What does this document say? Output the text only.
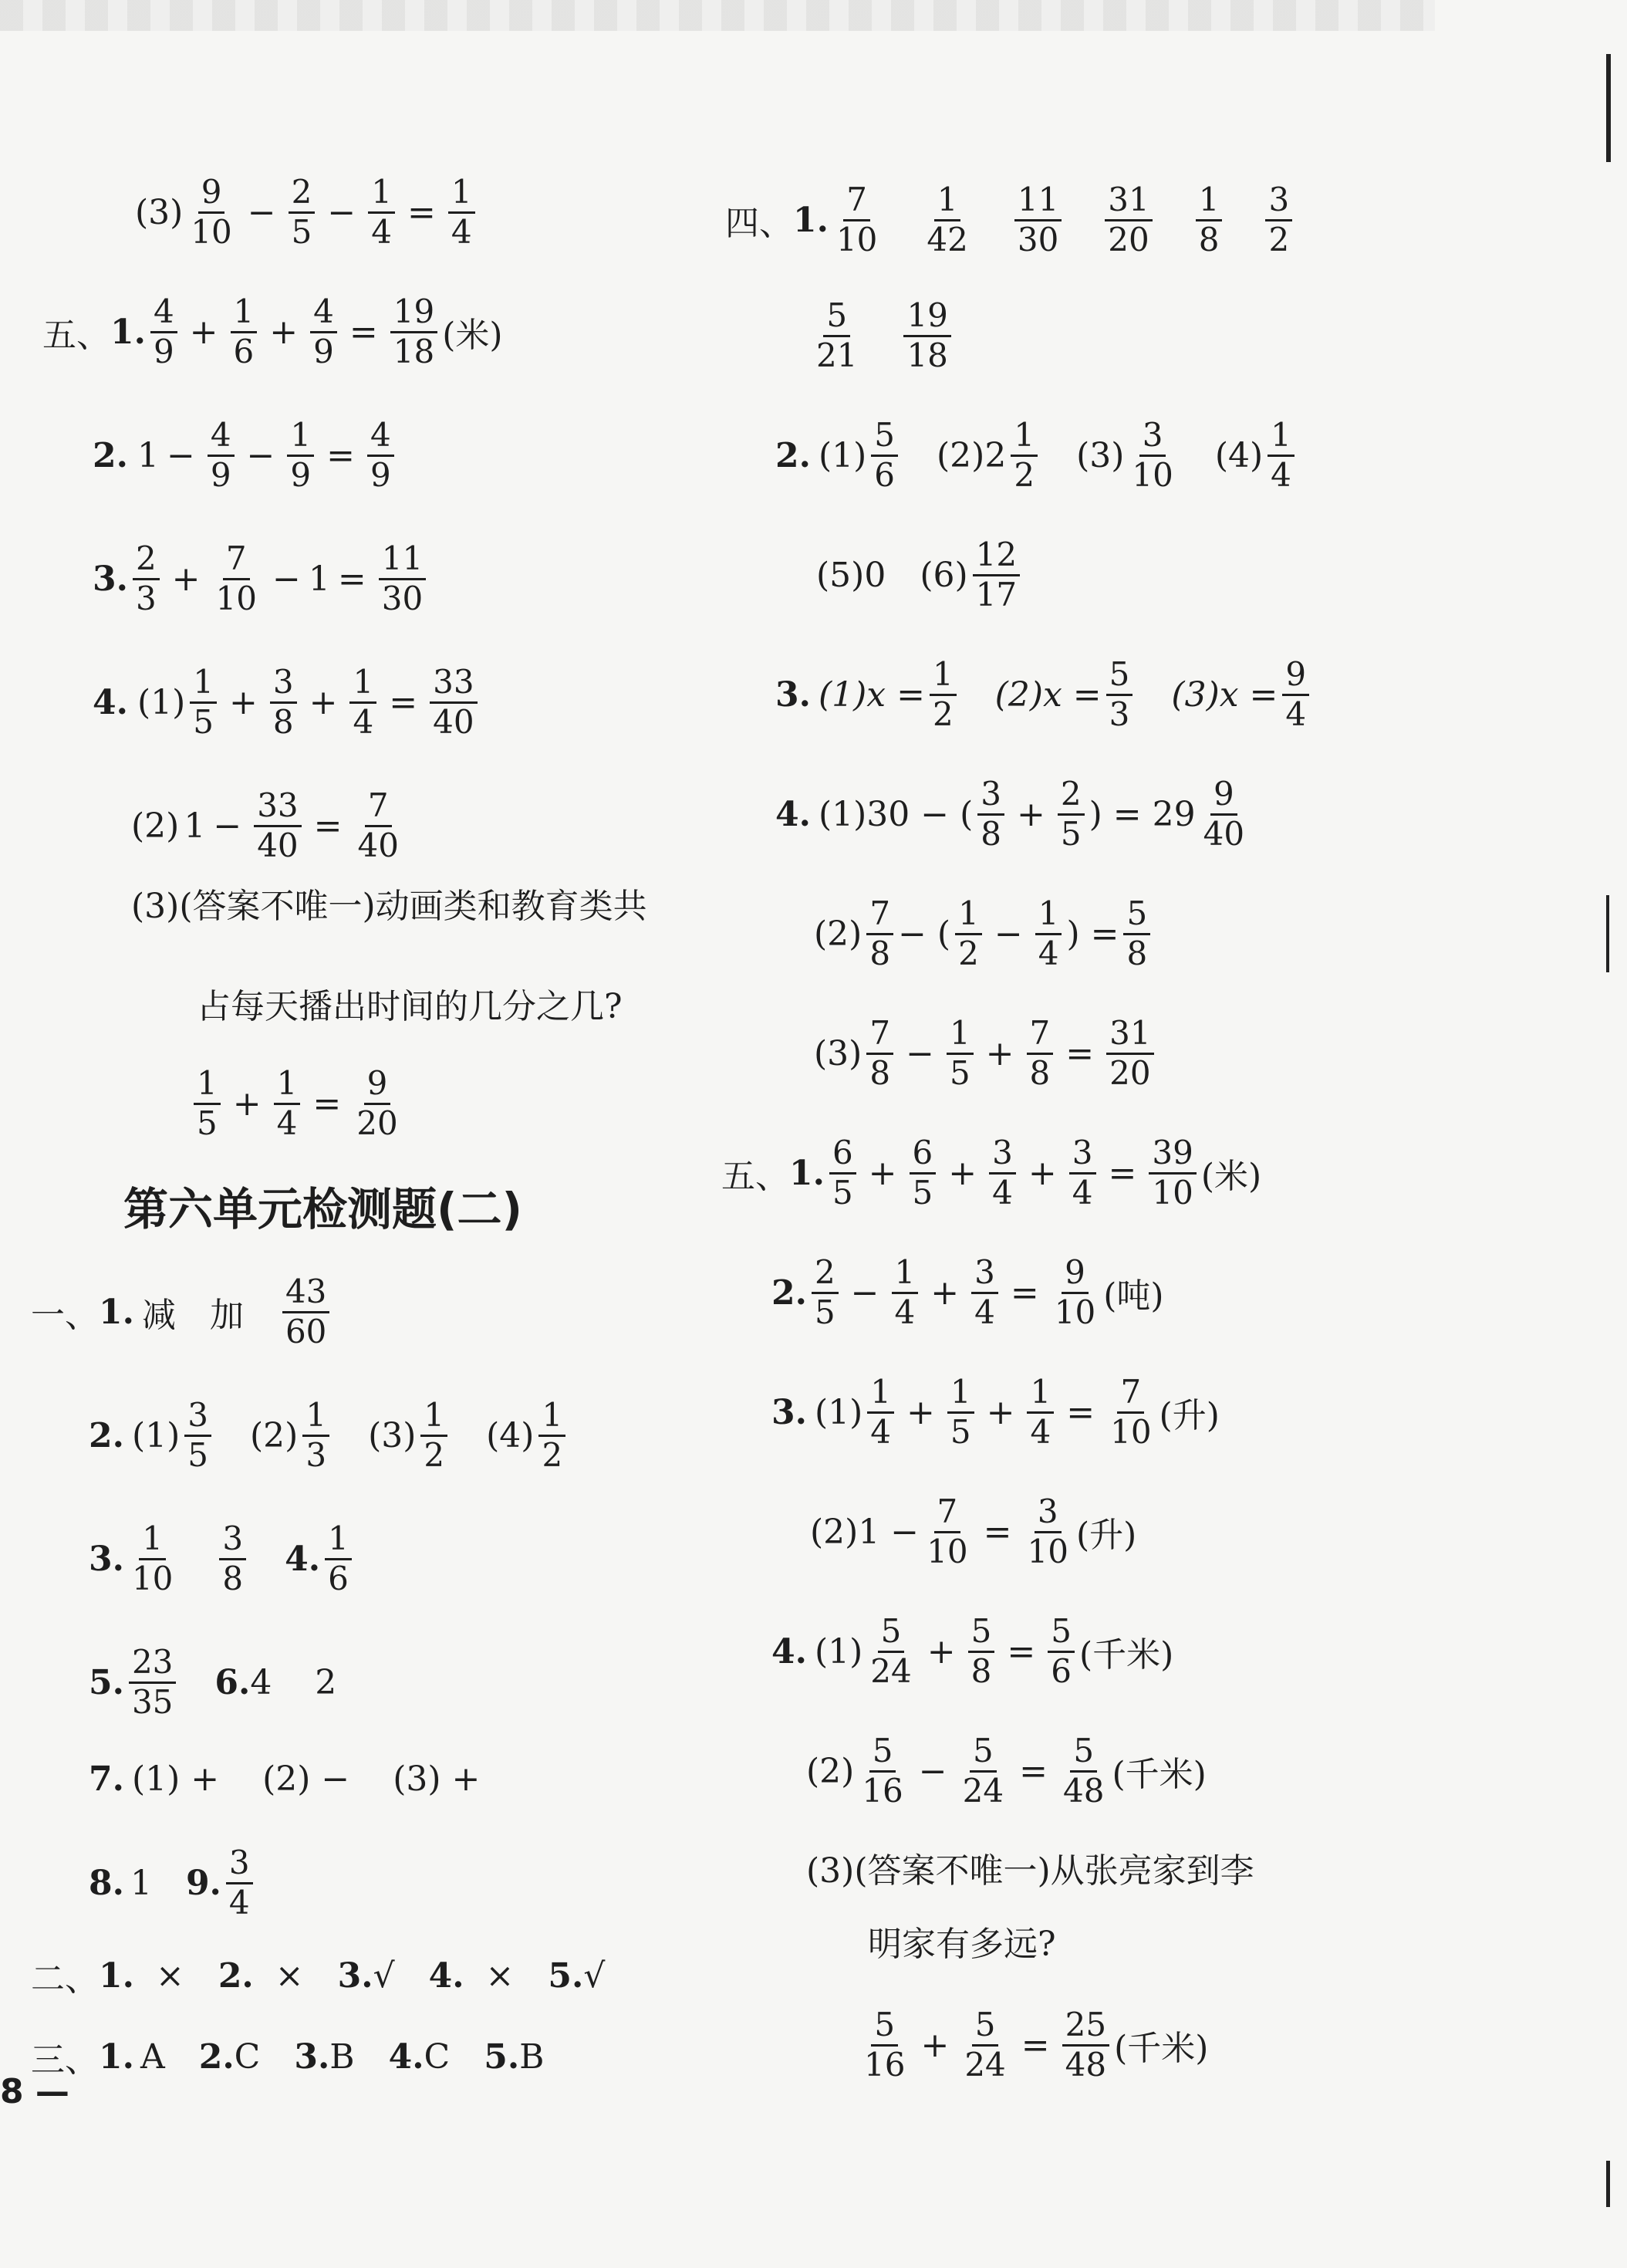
(3)
9
$10 - \frac{2}{5} - \frac{1}{4} = \frac{1}{4}$
五、 1.
4
$9 + \frac{1}{6} + \frac{4}{9} = \frac{19}{18}$ (米)
2. $1 - \frac{4}{9} - \frac{1}{9} = \frac{4}{9}$
3.
2
$3 + \frac{7}{10} - 1 = \frac{11}{30}$
4. (1)
1
$5 + \frac{3}{8} + \frac{1}{4} = \frac{33}{40}$
(2) $1 - \frac{33}{40} = \frac{7}{40}$
(3)(答案不唯一)动画类和教育类共
占每天播出时间的几分之几?
1
$5 + \frac{1}{4} = \frac{9}{20}$
第六单元检测题(二)
一、 1. 减 加
43
60
2. (1)
3
5 (2)
1
3 (3)
1
2 (4)
1
2
3.
1
10
3
8 4.
1
6
5.
23
35 6. 4    2
7. (1) +    (2) −    (3) +
8. 1 9.
3
4
二、 1. × 2. × 3. √ 4. × 5. √
三、 1. A 2. C 3. B 4. C 5. B
8 —
四、 1.
7
10
1
42
11
30
31
20
1
8
3
2
5
21
19
18
2. (1)
5
6 (2)2
1
2 (3)
3
10 (4)
1
4
(5)0 (6)
12
17
3. $(1)x = \frac{1}{2} (2)x = \frac{5}{3} (3)x = \frac{9}{4}$
4. (1)30 − (
3
$8 + \frac{2}{5}$ ) = 29
9
40
(2)
7
8 − (
1
$2 - \frac{1}{4}$ ) = $\frac{5}{8}$
(3)
7
$8 - \frac{1}{5} + \frac{7}{8} = \frac{31}{20}$
五、 1.
6
$5 + \frac{6}{5} + \frac{3}{4} + \frac{3}{4} = \frac{39}{10}$ (米)
2.
2
$5 - \frac{1}{4} + \frac{3}{4} = \frac{9}{10}$ (吨)
3. (1)
1
$4 + \frac{1}{5} + \frac{1}{4} = \frac{7}{10}$ (升)
$(2)1 - \frac{7}{10} = \frac{3}{10}$ (升)
4. (1)
5
$24 + \frac{5}{8} = \frac{5}{6}$ (千米)
(2)
5
$16 - \frac{5}{24} = \frac{5}{48}$ (千米)
(3)(答案不唯一)从张亮家到李
明家有多远?
5
$16 + \frac{5}{24} = \frac{25}{48}$ (千米)
